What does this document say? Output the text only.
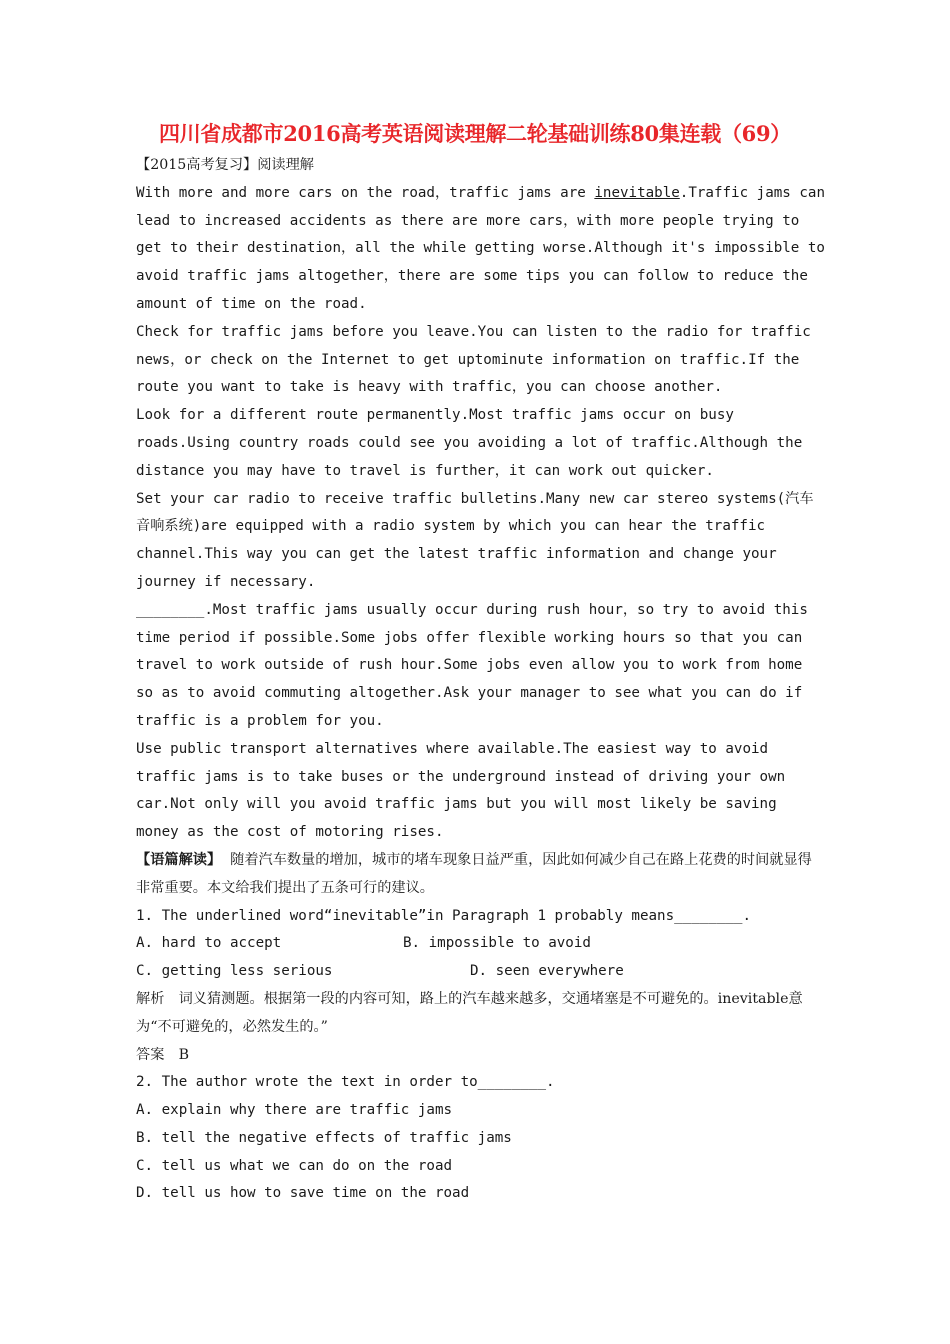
四川省成都市2016高考英语阅读理解二轮基础训练80集连载（69）

【2015高考复习】阅读理解

With more and more cars on the road，traffic jams are inevitable.Traffic jams can lead to increased accidents as there are more cars，with more people trying to get to their destination，all the while getting worse.Although it's impossible to avoid traffic jams altogether，there are some tips you can follow to reduce the amount of time on the road.

Check for traffic jams before you leave.You can listen to the radio for traffic news，or check on the Internet to get uptominute information on traffic.If the route you want to take is heavy with traffic，you can choose another.

Look for a different route permanently.Most traffic jams occur on busy roads.Using country roads could see you avoiding a lot of traffic.Although the distance you may have to travel is further，it can work out quicker.

Set your car radio to receive traffic bulletins.Many new car stereo systems(汽车音响系统)are equipped with a radio system by which you can hear the traffic channel.This way you can get the latest traffic information and change your journey if necessary.

________.Most traffic jams usually occur during rush hour，so try to avoid this time period if possible.Some jobs offer flexible working hours so that you can travel to work outside of rush hour.Some jobs even allow you to work from home so as to avoid commuting altogether.Ask your manager to see what you can do if traffic is a problem for you.

Use public transport alternatives where available.The easiest way to avoid traffic jams is to take buses or the underground instead of driving your own car.Not only will you avoid traffic jams but you will most likely be saving money as the cost of motoring rises.

【语篇解读】 随着汽车数量的增加，城市的堵车现象日益严重，因此如何减少自己在路上花费的时间就显得非常重要。本文给我们提出了五条可行的建议。

1. The underlined word“inevitable”in Paragraph 1 probably means________.

A. hard to accept	B. impossible to avoid
C. getting less serious	D. seen everywhere

解析　词义猜测题。根据第一段的内容可知，路上的汽车越来越多，交通堵塞是不可避免的。inevitable意为“不可避免的，必然发生的。”

答案　B

2. The author wrote the text in order to________.

A. explain why there are traffic jams

B. tell the negative effects of traffic jams

C. tell us what we can do on the road

D. tell us how to save time on the road
